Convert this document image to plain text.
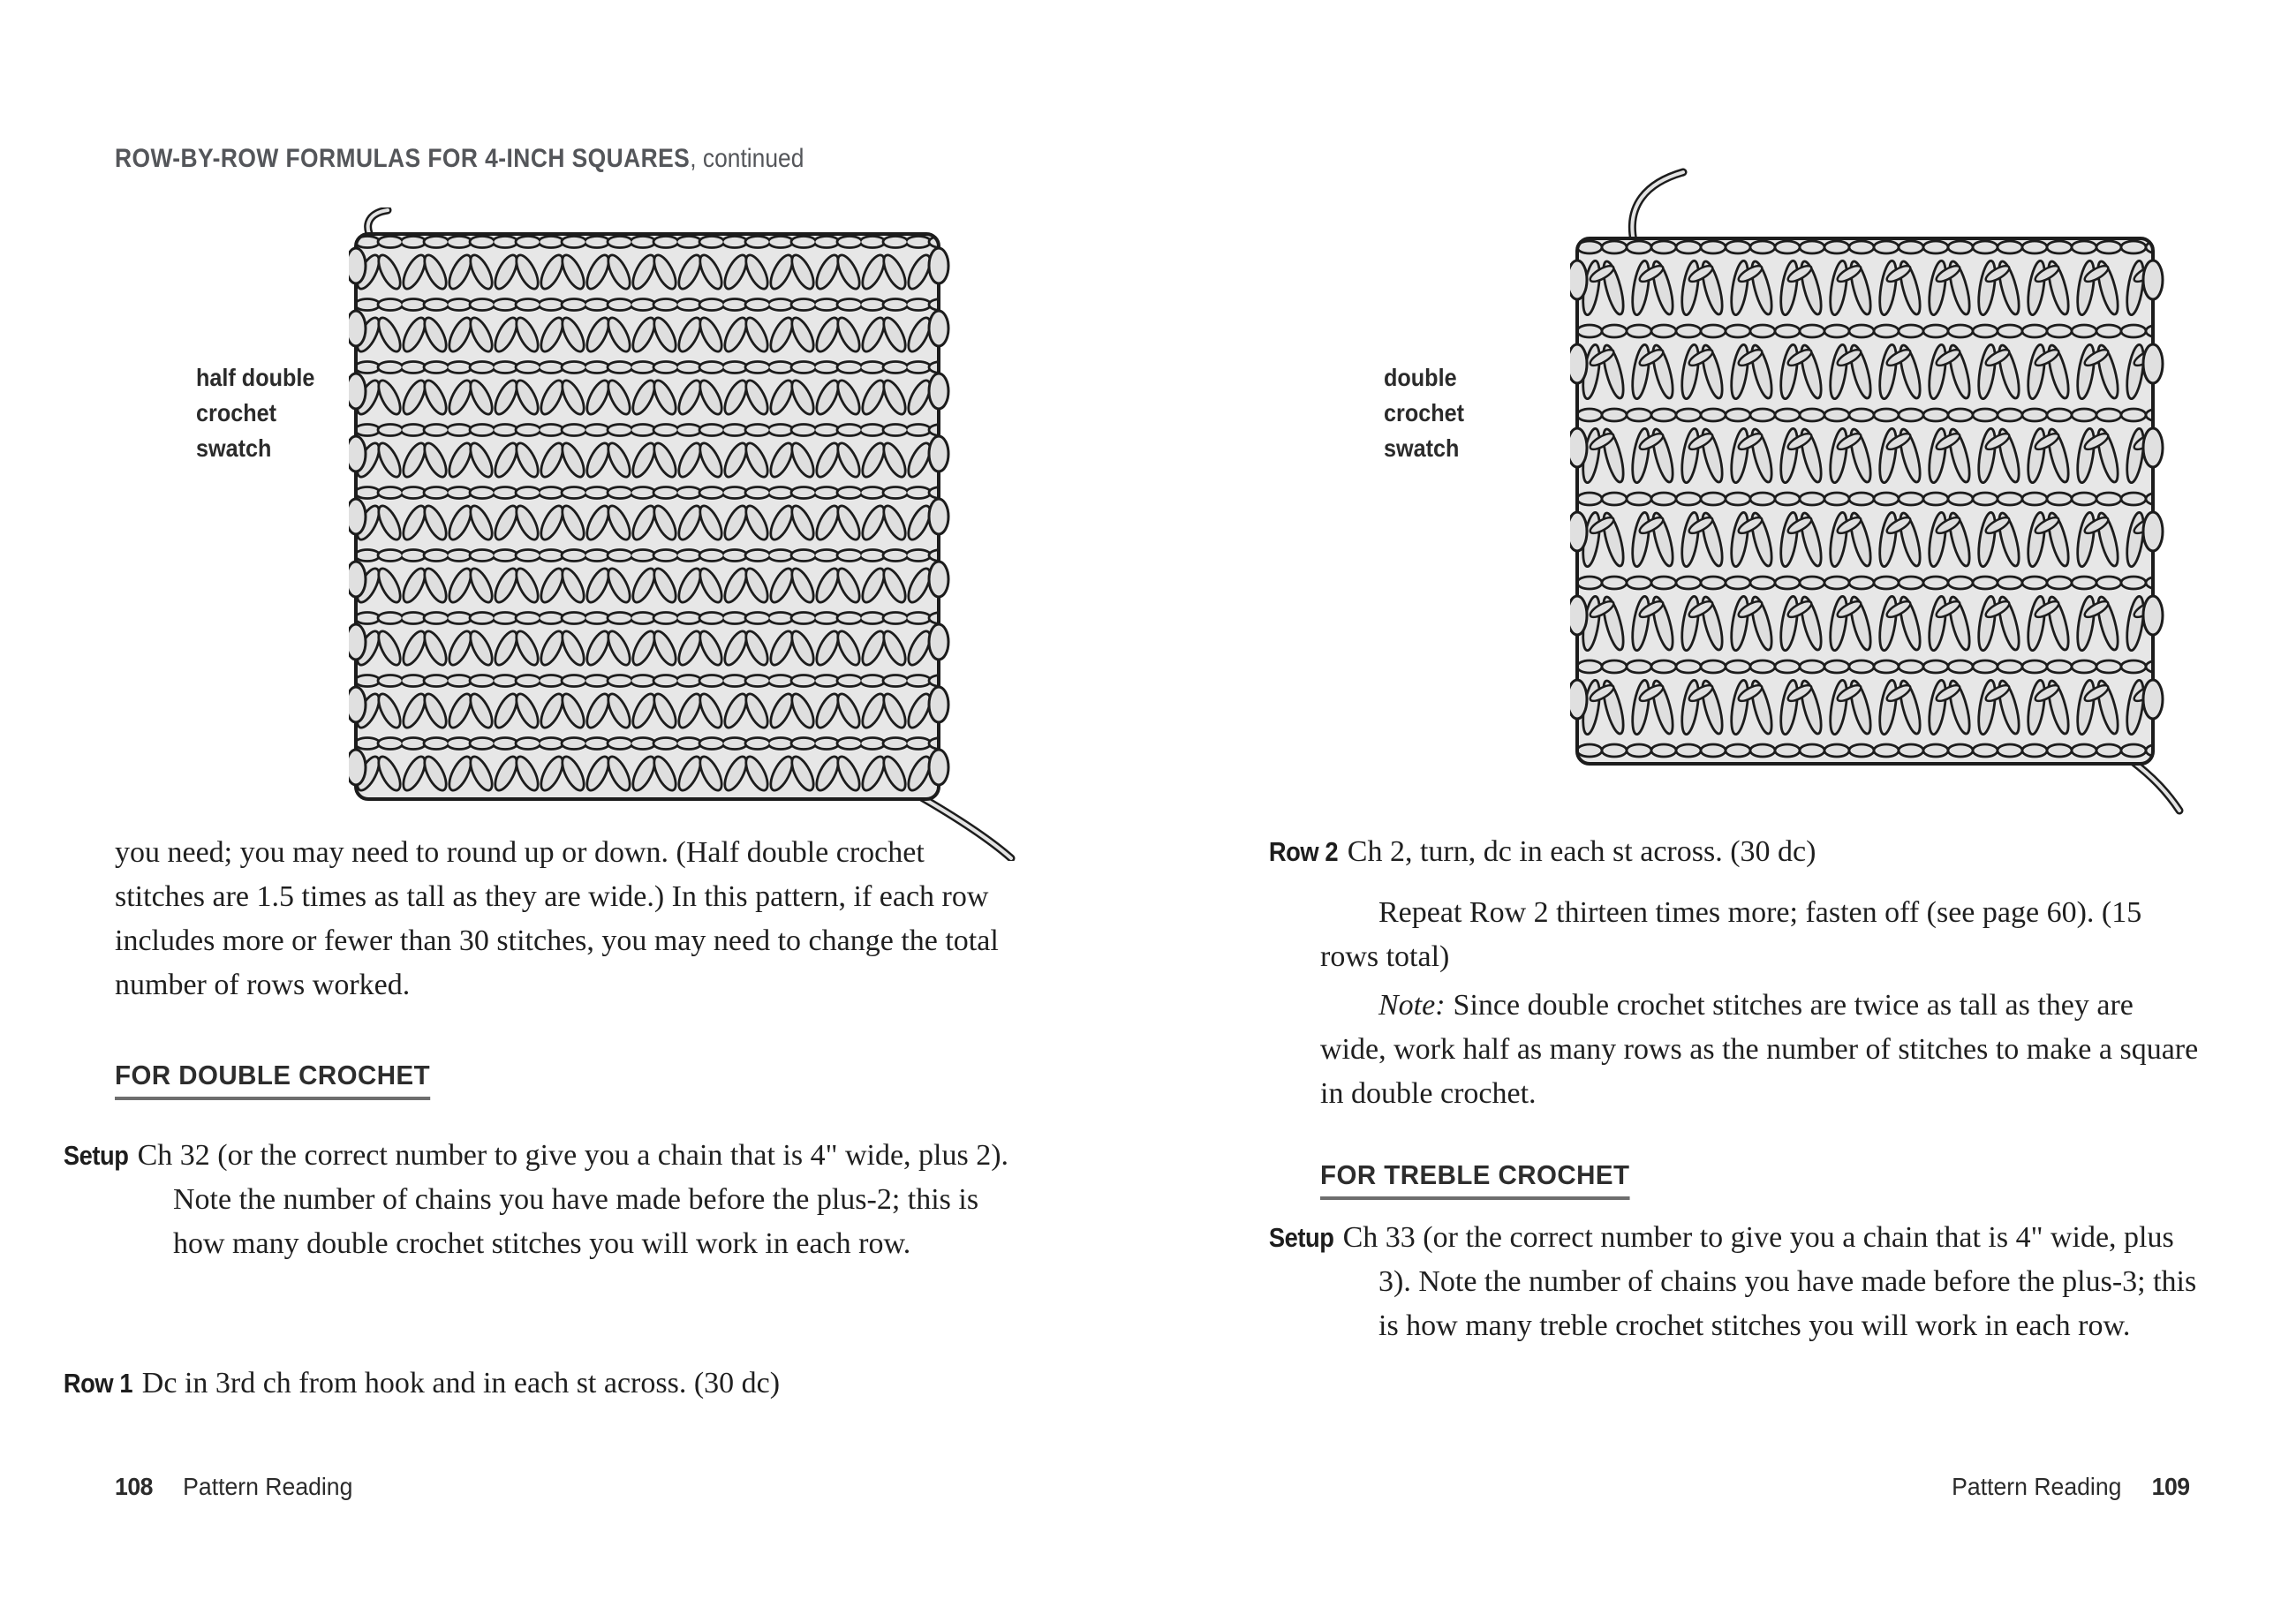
ROW-BY-ROW FORMULAS FOR 4-INCH SQUARES, continued
half double
crochet
swatch

you need; you may need to round up or down. (Half double crochet stitches are 1.5 times as tall as they are wide.) In this pattern, if each row includes more or fewer than 30 stitches, you may need to change the total number of rows worked.

FOR DOUBLE CROCHET

Setup Ch 32 (or the correct number to give you a chain that is 4" wide, plus 2). Note the number of chains you have made before the plus-2; this is how many double crochet stitches you will work in each row.

Row 1 Dc in 3rd ch from hook and in each st across. (30 dc)

108 Pattern Reading
double
crochet
swatch

Row 2 Ch 2, turn, dc in each st across. (30 dc)

Repeat Row 2 thirteen times more; fasten off (see page 60). (15 rows total)

Note: Since double crochet stitches are twice as tall as they are wide, work half as many rows as the number of stitches to make a square in double crochet.

FOR TREBLE CROCHET

Setup Ch 33 (or the correct number to give you a chain that is 4" wide, plus 3). Note the number of chains you have made before the plus-3; this is how many treble crochet stitches you will work in each row.

Pattern Reading 109
